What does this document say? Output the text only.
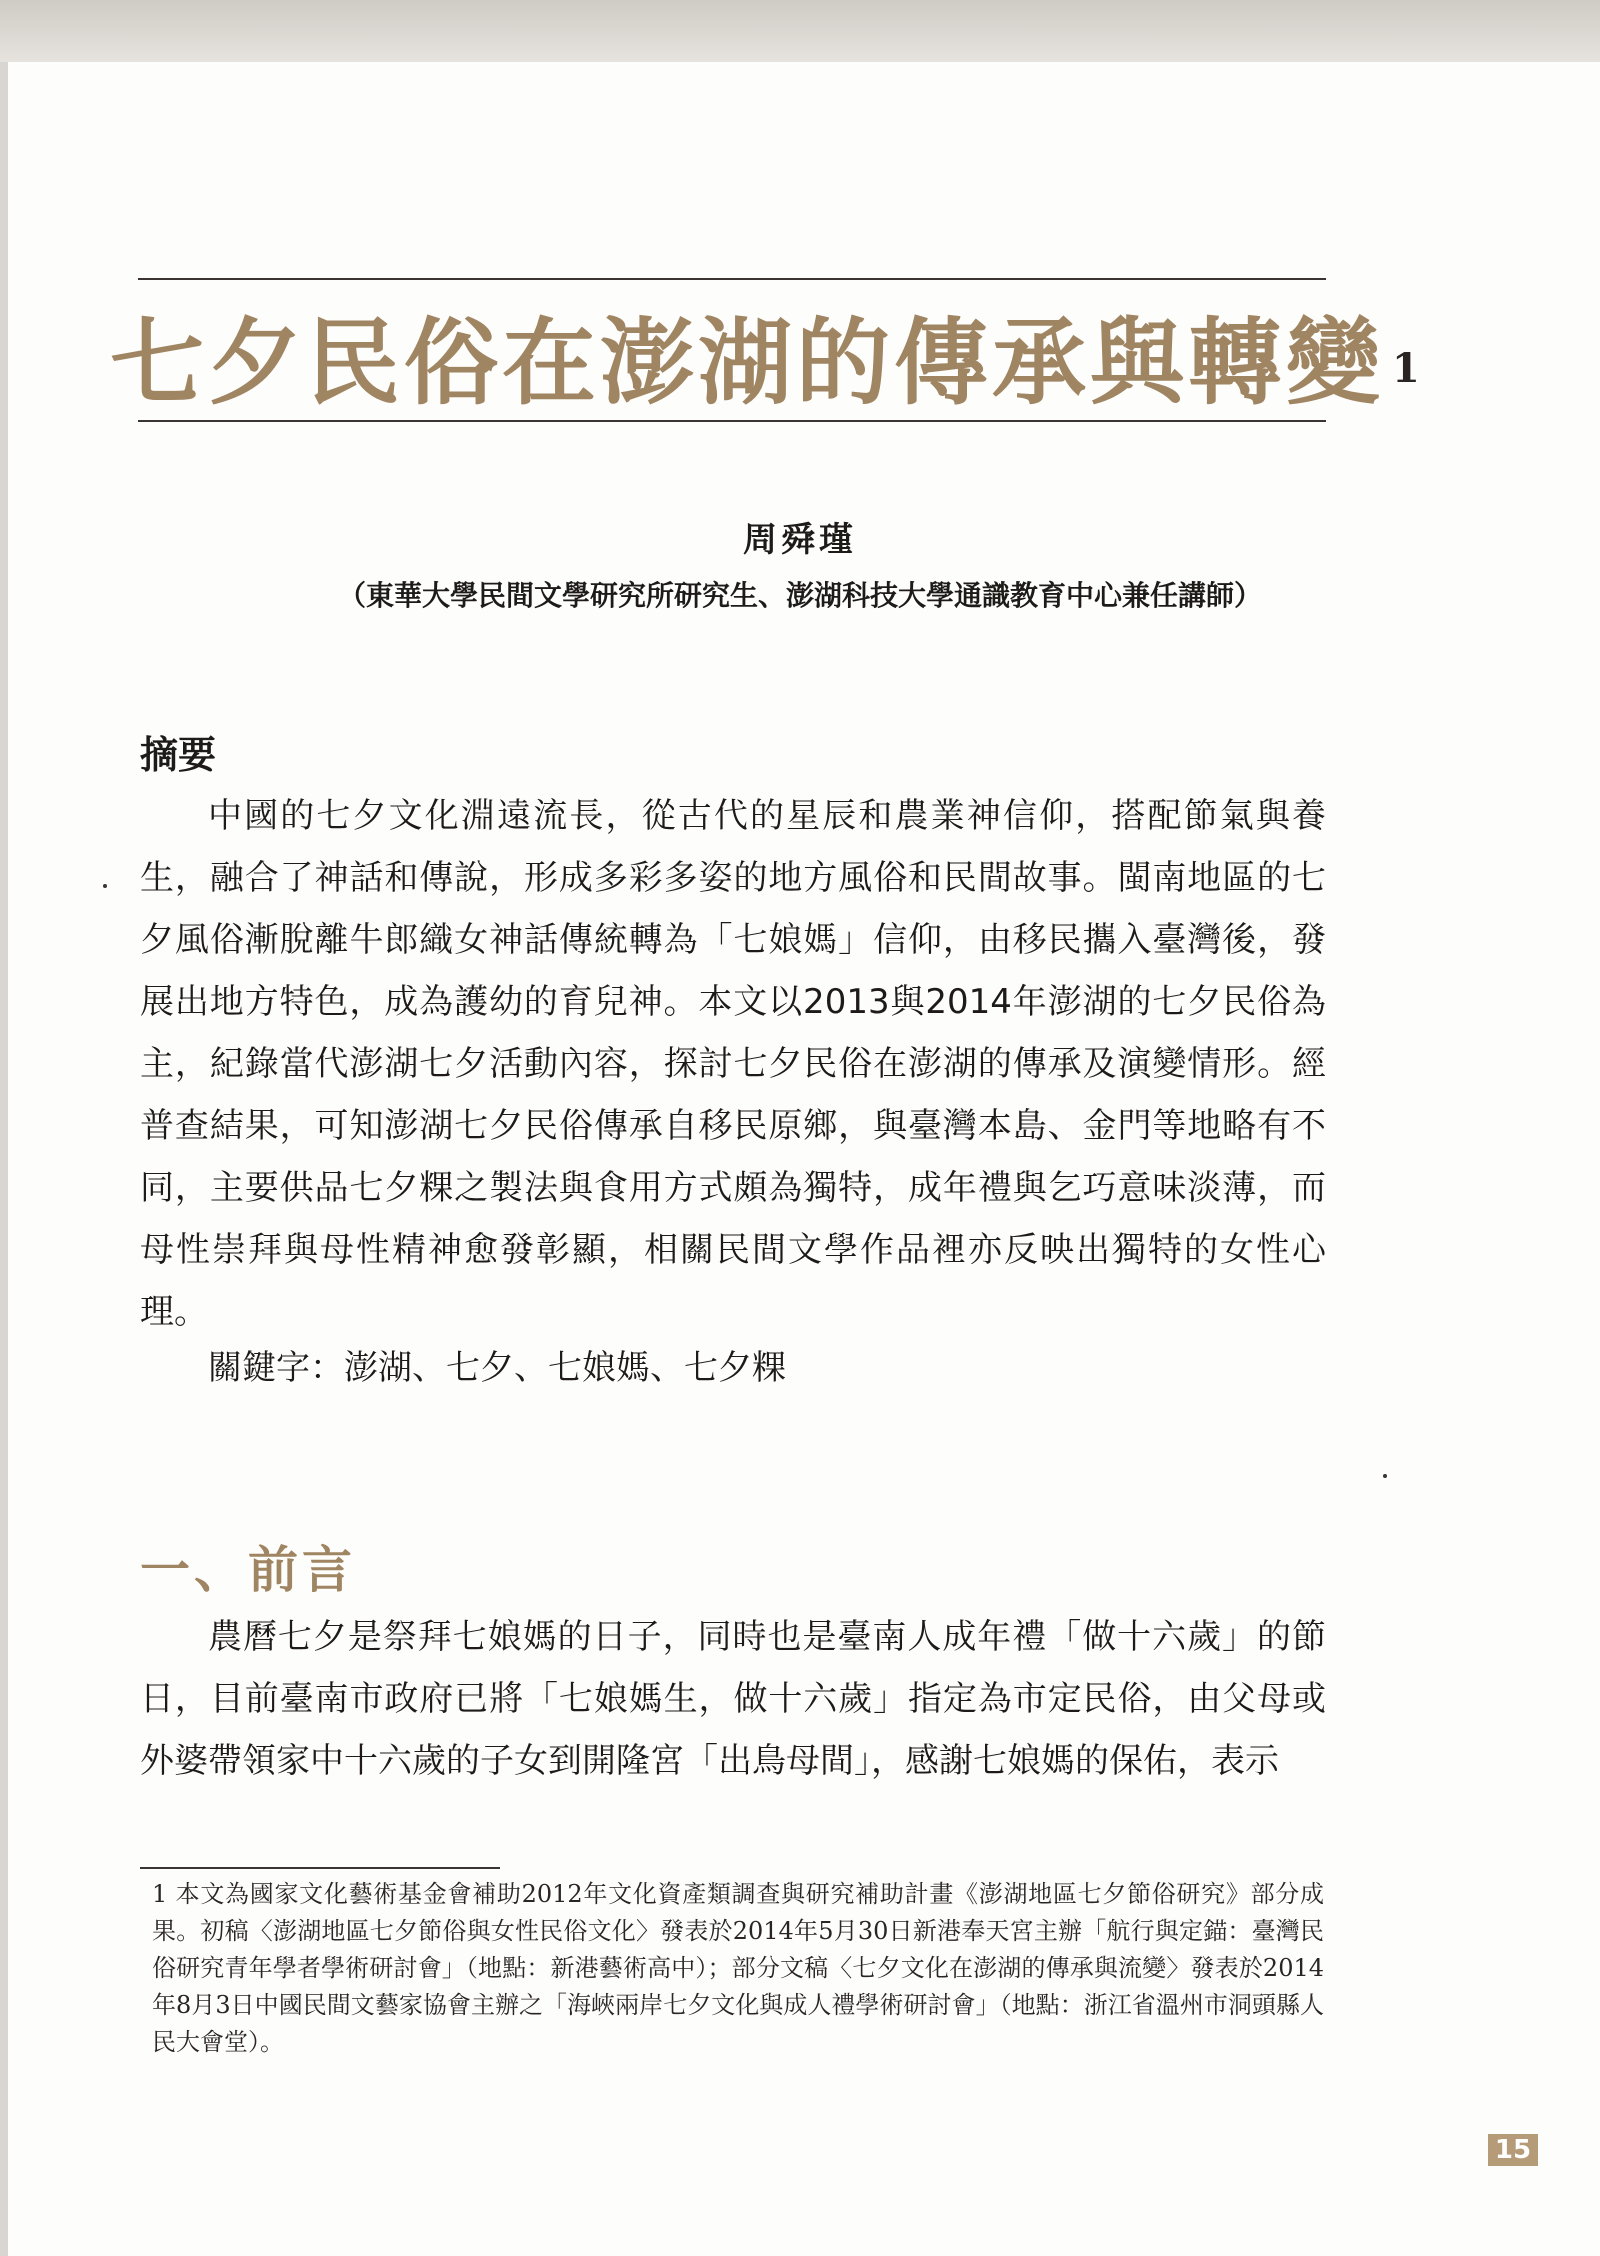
七夕民俗在澎湖的傳承與轉變 $^1$
周舜瑾
（東華大學民間文學研究所研究生、澎湖科技大學通識教育中心兼任講師）
摘要

中國的七夕文化淵遠流長，從古代的星辰和農業神信仰，搭配節氣與養生，融合了神話和傳說，形成多彩多姿的地方風俗和民間故事。閩南地區的七夕風俗漸脫離牛郎織女神話傳統轉為「七娘媽」信仰，由移民攜入臺灣後，發展出地方特色，成為護幼的育兒神。本文以2013與2014年澎湖的七夕民俗為主，紀錄當代澎湖七夕活動內容，探討七夕民俗在澎湖的傳承及演變情形。經普查結果，可知澎湖七夕民俗傳承自移民原鄉，與臺灣本島、金門等地略有不同，主要供品七夕粿之製法與食用方式頗為獨特，成年禮與乞巧意味淡薄，而母性崇拜與母性精神愈發彰顯，相關民間文學作品裡亦反映出獨特的女性心理。

關鍵字：澎湖、七夕、七娘媽、七夕粿
一、前言

農曆七夕是祭拜七娘媽的日子，同時也是臺南人成年禮「做十六歲」的節日，目前臺南市政府已將「七娘媽生，做十六歲」指定為市定民俗，由父母或外婆帶領家中十六歲的子女到開隆宮「出鳥母間」，感謝七娘媽的保佑，表示

1 本文為國家文化藝術基金會補助2012年文化資產類調查與研究補助計畫《澎湖地區七夕節俗研究》部分成果。初稿〈澎湖地區七夕節俗與女性民俗文化〉發表於2014年5月30日新港奉天宮主辦「航行與定錨：臺灣民俗研究青年學者學術研討會」（地點：新港藝術高中）；部分文稿〈七夕文化在澎湖的傳承與流變〉發表於2014年8月3日中國民間文藝家協會主辦之「海峽兩岸七夕文化與成人禮學術研討會」（地點：浙江省溫州市洞頭縣人民大會堂）。

15
